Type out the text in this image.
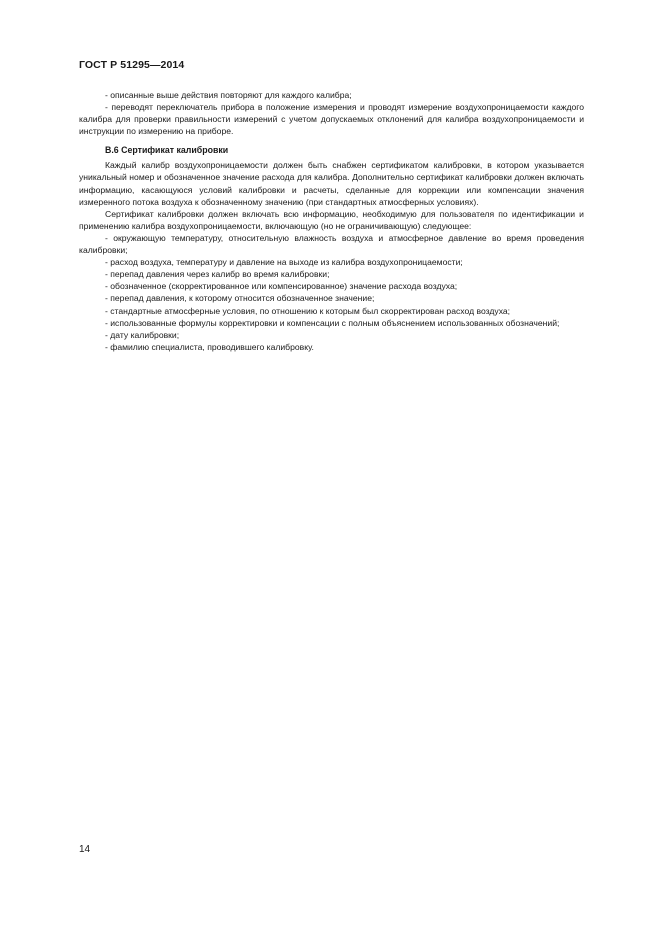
ГОСТ Р 51295—2014

- описанные выше действия повторяют для каждого калибра;

- переводят переключатель прибора в положение измерения и проводят измерение воздухопроницаемости каждого калибра для проверки правильности измерений с учетом допускаемых отклонений для калибра воздухопроницаемости и инструкции по измерению на приборе.

В.6 Сертификат калибровки

Каждый калибр воздухопроницаемости должен быть снабжен сертификатом калибровки, в котором указывается уникальный номер и обозначенное значение расхода для калибра. Дополнительно сертификат калибровки должен включать информацию, касающуюся условий калибровки и расчеты, сделанные для коррекции или компенсации значения измеренного потока воздуха к обозначенному значению (при стандартных атмосферных условиях).

Сертификат калибровки должен включать всю информацию, необходимую для пользователя по идентификации и применению калибра воздухопроницаемости, включающую (но не ограничивающую) следующее:

- окружающую температуру, относительную влажность воздуха и атмосферное давление во время проведения калибровки;

- расход воздуха, температуру и давление на выходе из калибра воздухопроницаемости;

- перепад давления через калибр во время калибровки;

- обозначенное (скорректированное или компенсированное) значение расхода воздуха;

- перепад давления, к которому относится обозначенное значение;

- стандартные атмосферные условия, по отношению к которым был скорректирован расход воздуха;

- использованные формулы корректировки и компенсации с полным объяснением использованных обозначений;

- дату калибровки;

- фамилию специалиста, проводившего калибровку.

14
